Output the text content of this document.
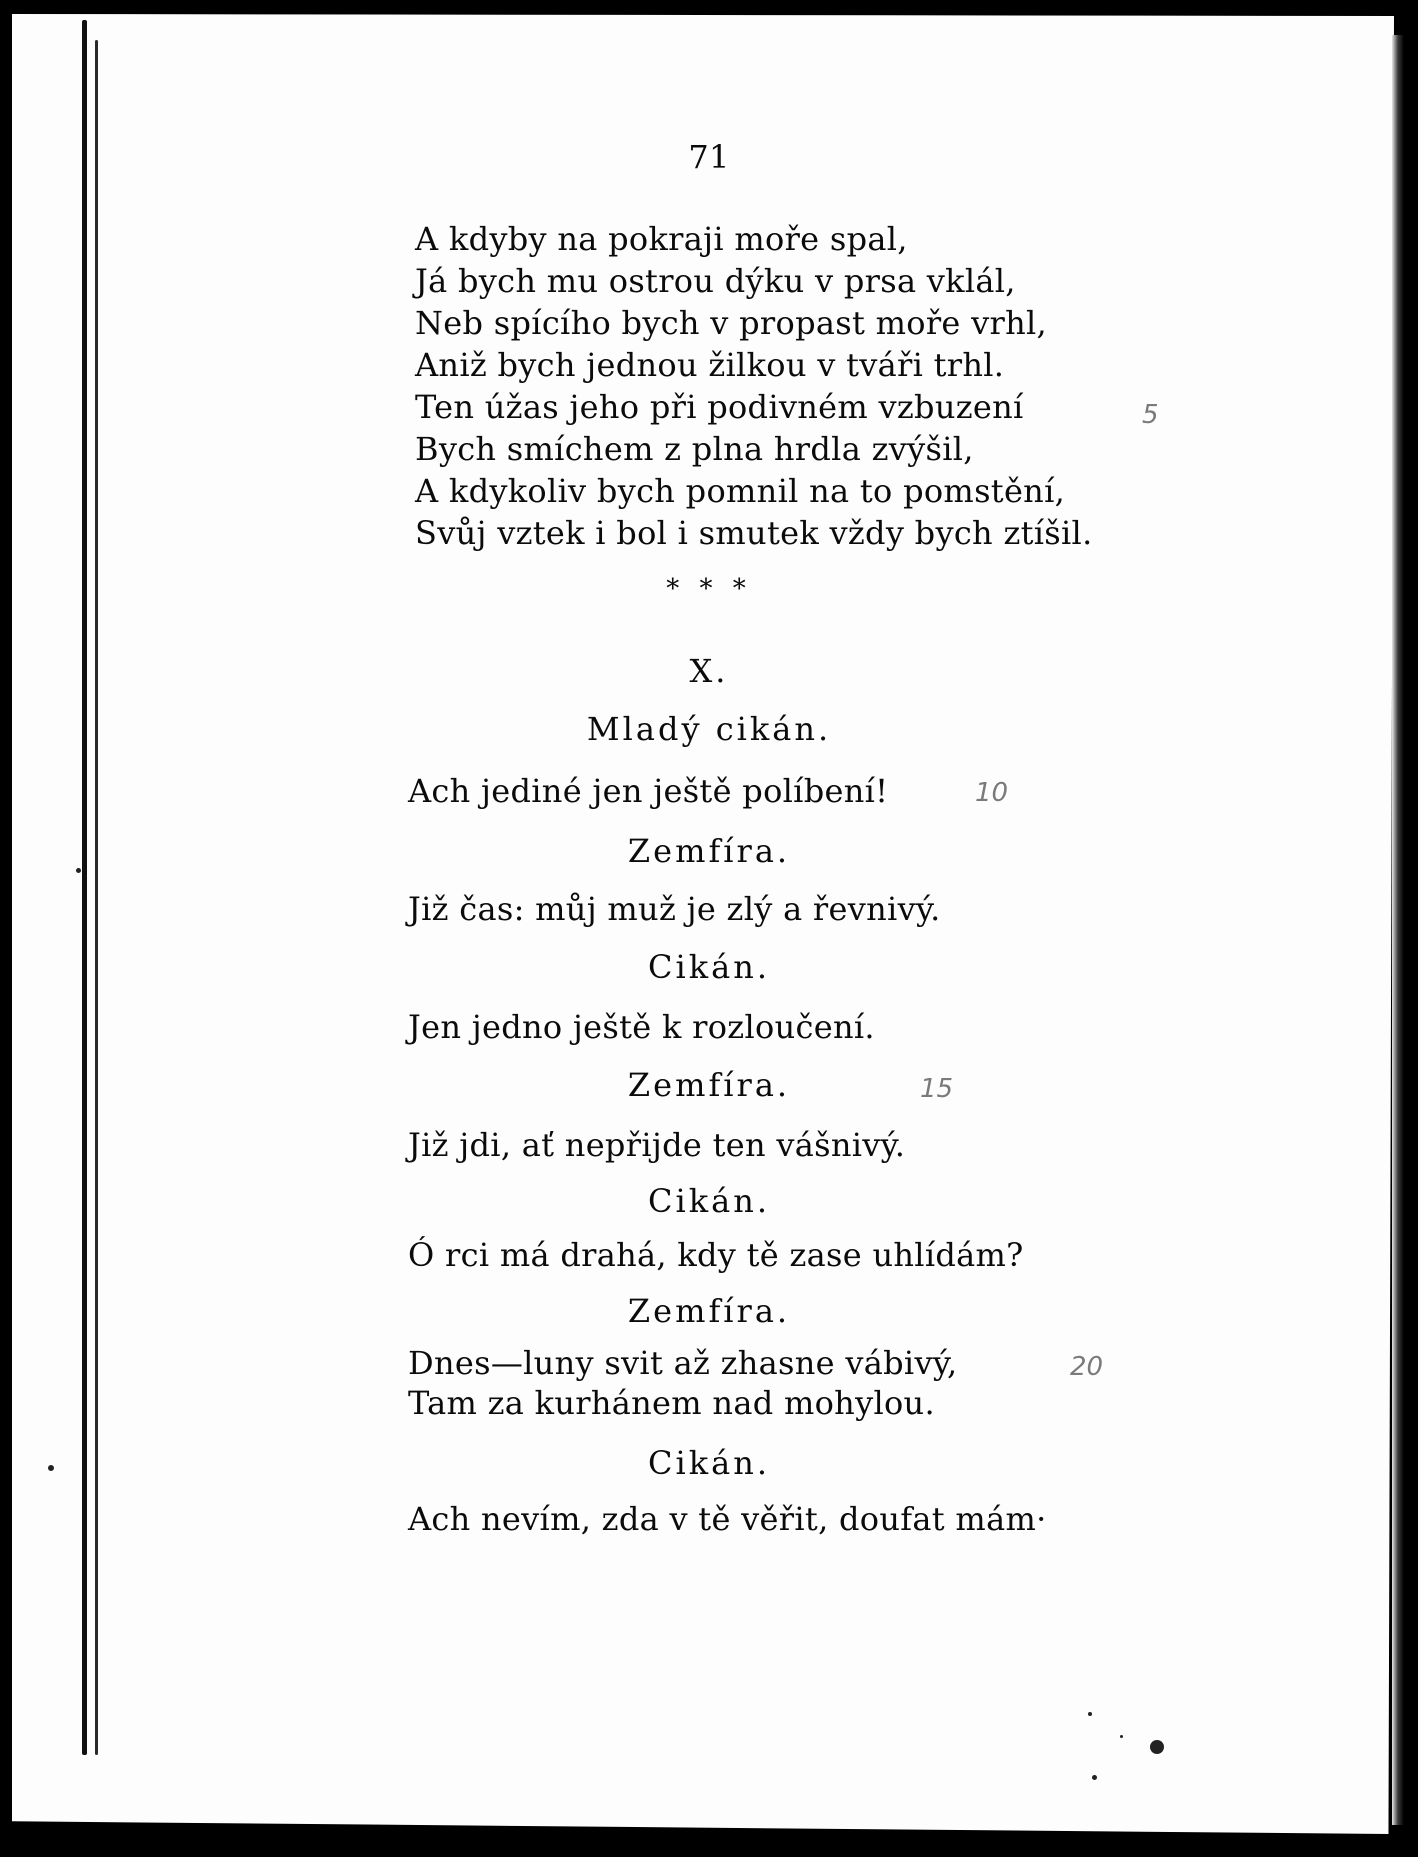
71
A kdyby na pokraji moře spal,
Já bych mu ostrou dýku v prsa vklál,
Neb spícího bych v propast moře vrhl,
Aniž bych jednou žilkou v tváři trhl.
Ten úžas jeho při podivném vzbuzení
Bych smíchem z plna hrdla zvýšil,
A kdykoliv bych pomnil na to pomstění,
Svůj vztek i bol i smutek vždy bych ztíšil.
* * *
X.
Mladý cikán.
Ach jediné jen ještě políbení!
Zemfíra.
Již čas: můj muž je zlý a řevnivý.
Cikán.
Jen jedno ještě k rozloučení.
Zemfíra.
Již jdi, ať nepřijde ten vášnivý.
Cikán.
Ó rci má drahá, kdy tě zase uhlídám?
Zemfíra.
Dnes—luny svit až zhasne vábivý,
Tam za kurhánem nad mohylou.
Cikán.
Ach nevím, zda v tě věřit, doufat mám·
5
10
15
20
